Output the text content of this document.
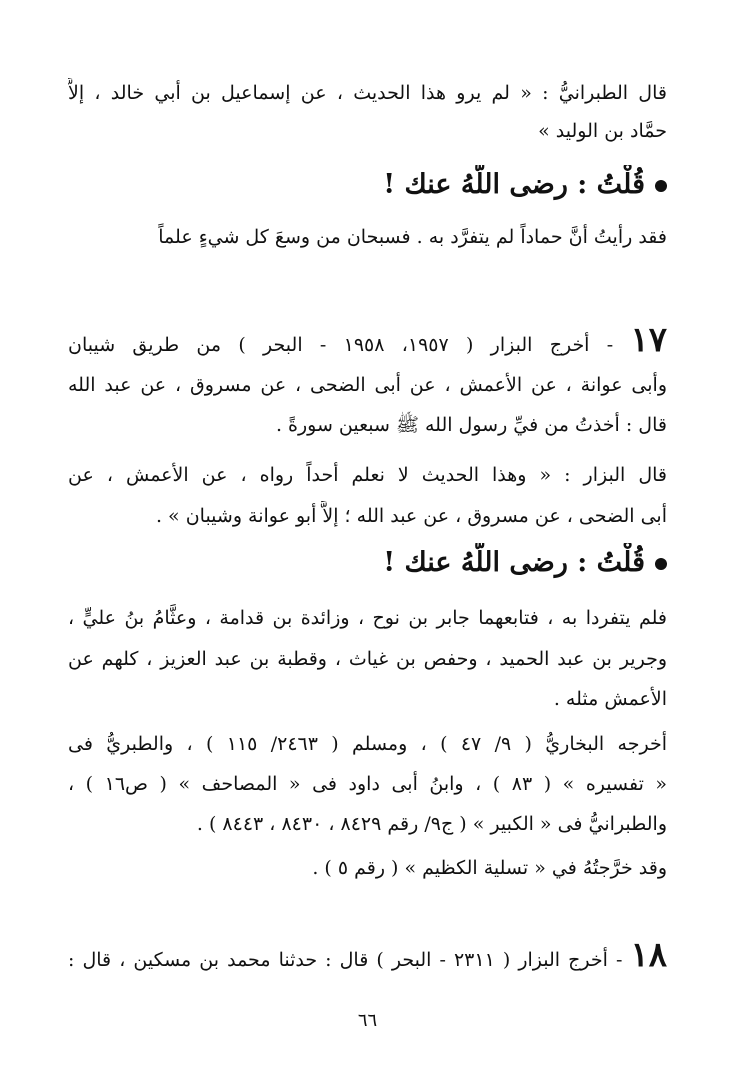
قال الطبرانيُّ : « لم يرو هذا الحديث ، عن إسماعيل بن أبي خالد ، إلاَّ
حمَّاد بن الوليد »
قُلْتُ : رضى اللَّهُ عنك !
فقد رأيتُ أنَّ حماداً لم يتفرَّد به . فسبحان من وسعَ كل شيءٍ علماً
١٧ - أخرج البزار ( ١٩٥٧، ١٩٥٨ - البحر ) من طريق شيبان
وأبى عوانة ، عن الأعمش ، عن أبى الضحى ، عن مسروق ، عن عبد الله
قال : أخذتُ من فيِّ رسول الله ﷺ سبعين سورةً .
قال البزار : « وهذا الحديث لا نعلم أحداً رواه ، عن الأعمش ، عن
أبى الضحى ، عن مسروق ، عن عبد الله ؛ إلاَّ أبو عوانة وشيبان » .
قُلْتُ : رضى اللَّهُ عنك !
فلم يتفردا به ، فتابعهما جابر بن نوح ، وزائدة بن قدامة ، وعثَّامُ بنُ عليٍّ ،
وجرير بن عبد الحميد ، وحفص بن غياث ، وقطبة بن عبد العزيز ، كلهم عن
الأعمش مثله .
أخرجه البخاريُّ ( ٩/ ٤٧ ) ، ومسلم ( ٢٤٦٣/ ١١٥ ) ، والطبريُّ فى
« تفسيره » ( ٨٣ ) ، وابنُ أبى داود فى « المصاحف » ( ص١٦ ) ،
والطبرانيُّ فى « الكبير » ( ج٩/ رقم ٨٤٢٩ ، ٨٤٣٠ ، ٨٤٤٣ ) .
وقد خرَّجتُهُ في « تسلية الكظيم » ( رقم ٥ ) .
١٨ - أخرج البزار ( ٢٣١١ - البحر ) قال : حدثنا محمد بن مسكين ، قال :
٦٦
